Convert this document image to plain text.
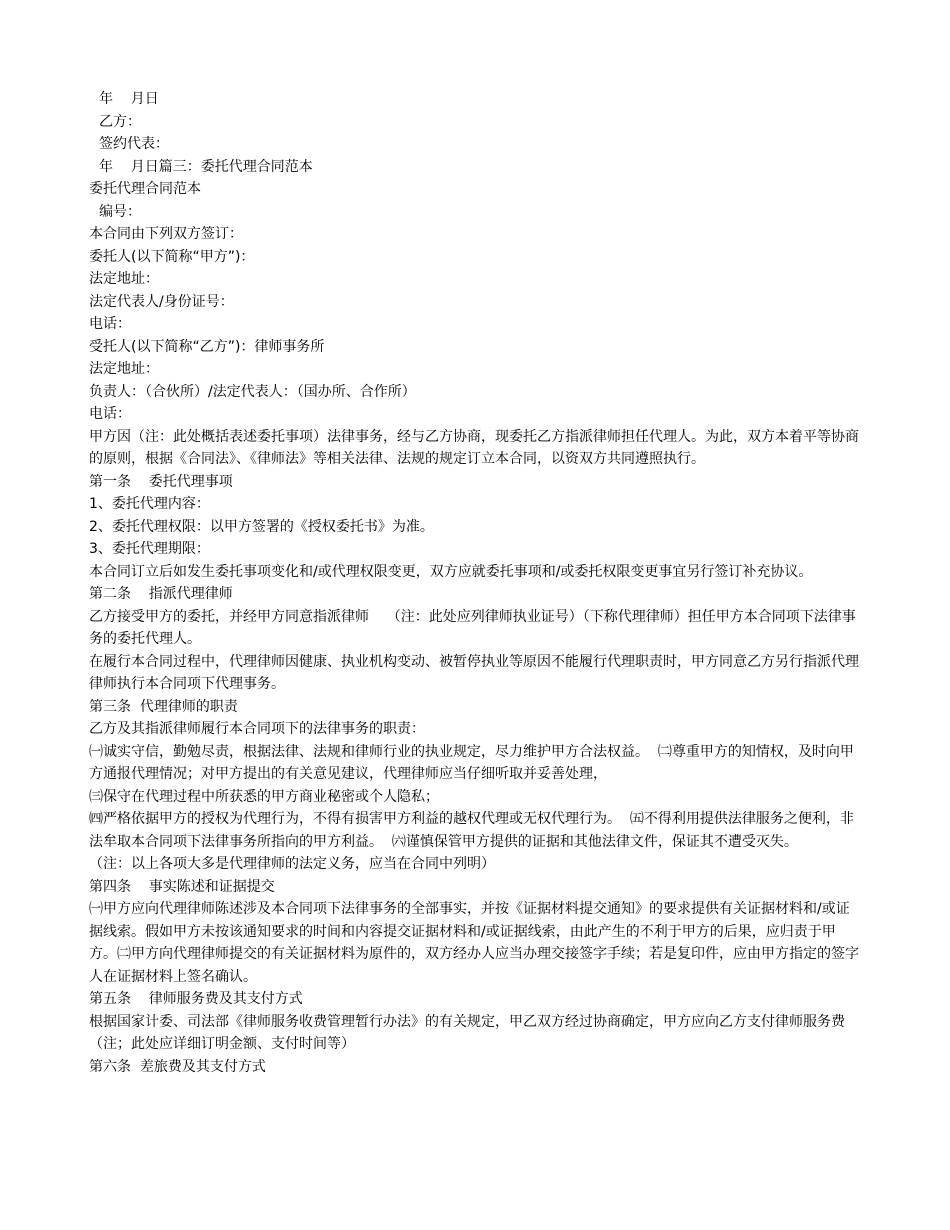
年    月日
乙方：
签约代表：
年    月日篇三：委托代理合同范本
委托代理合同范本
编号：
本合同由下列双方签订：
委托人(以下简称“甲方”)：
法定地址：
法定代表人/身份证号：
电话：
受托人(以下简称“乙方”)：律师事务所
法定地址：
负责人：（合伙所）/法定代表人：（国办所、合作所）
电话：
甲方因（注：此处概括表述委托事项）法律事务，经与乙方协商，现委托乙方指派律师担任代理人。为此，双方本着平等协商的原则，根据《合同法》、《律师法》等相关法律、法规的规定订立本合同，以资双方共同遵照执行。
第一条    委托代理事项
1、委托代理内容：
2、委托代理权限：以甲方签署的《授权委托书》为准。
3、委托代理期限：
本合同订立后如发生委托事项变化和/或代理权限变更，双方应就委托事项和/或委托权限变更事宜另行签订补充协议。
第二条    指派代理律师
乙方接受甲方的委托，并经甲方同意指派律师    （注：此处应列律师执业证号）（下称代理律师）担任甲方本合同项下法律事务的委托代理人。
在履行本合同过程中，代理律师因健康、执业机构变动、被暂停执业等原因不能履行代理职责时，甲方同意乙方另行指派代理律师执行本合同项下代理事务。
第三条  代理律师的职责
乙方及其指派律师履行本合同项下的法律事务的职责：
㈠诚实守信，勤勉尽责，根据法律、法规和律师行业的执业规定，尽力维护甲方合法权益。  ㈡尊重甲方的知情权，及时向甲方通报代理情况；对甲方提出的有关意见建议，代理律师应当仔细听取并妥善处理，
㈢保守在代理过程中所获悉的甲方商业秘密或个人隐私；
㈣严格依据甲方的授权为代理行为，不得有损害甲方利益的越权代理或无权代理行为。  ㈤不得利用提供法律服务之便利，非法牟取本合同项下法律事务所指向的甲方利益。  ㈥谨慎保管甲方提供的证据和其他法律文件，保证其不遭受灭失。
（注：以上各项大多是代理律师的法定义务，应当在合同中列明）
第四条    事实陈述和证据提交
㈠甲方应向代理律师陈述涉及本合同项下法律事务的全部事实，并按《证据材料提交通知》的要求提供有关证据材料和/或证据线索。假如甲方未按该通知要求的时间和内容提交证据材料和/或证据线索，由此产生的不利于甲方的后果，应归责于甲方。㈡甲方向代理律师提交的有关证据材料为原件的，双方经办人应当办理交接签字手续；若是复印件，应由甲方指定的签字人在证据材料上签名确认。
第五条    律师服务费及其支付方式
根据国家计委、司法部《律师服务收费管理暂行办法》的有关规定，甲乙双方经过协商确定，甲方应向乙方支付律师服务费（注；此处应详细订明金额、支付时间等）
第六条  差旅费及其支付方式
